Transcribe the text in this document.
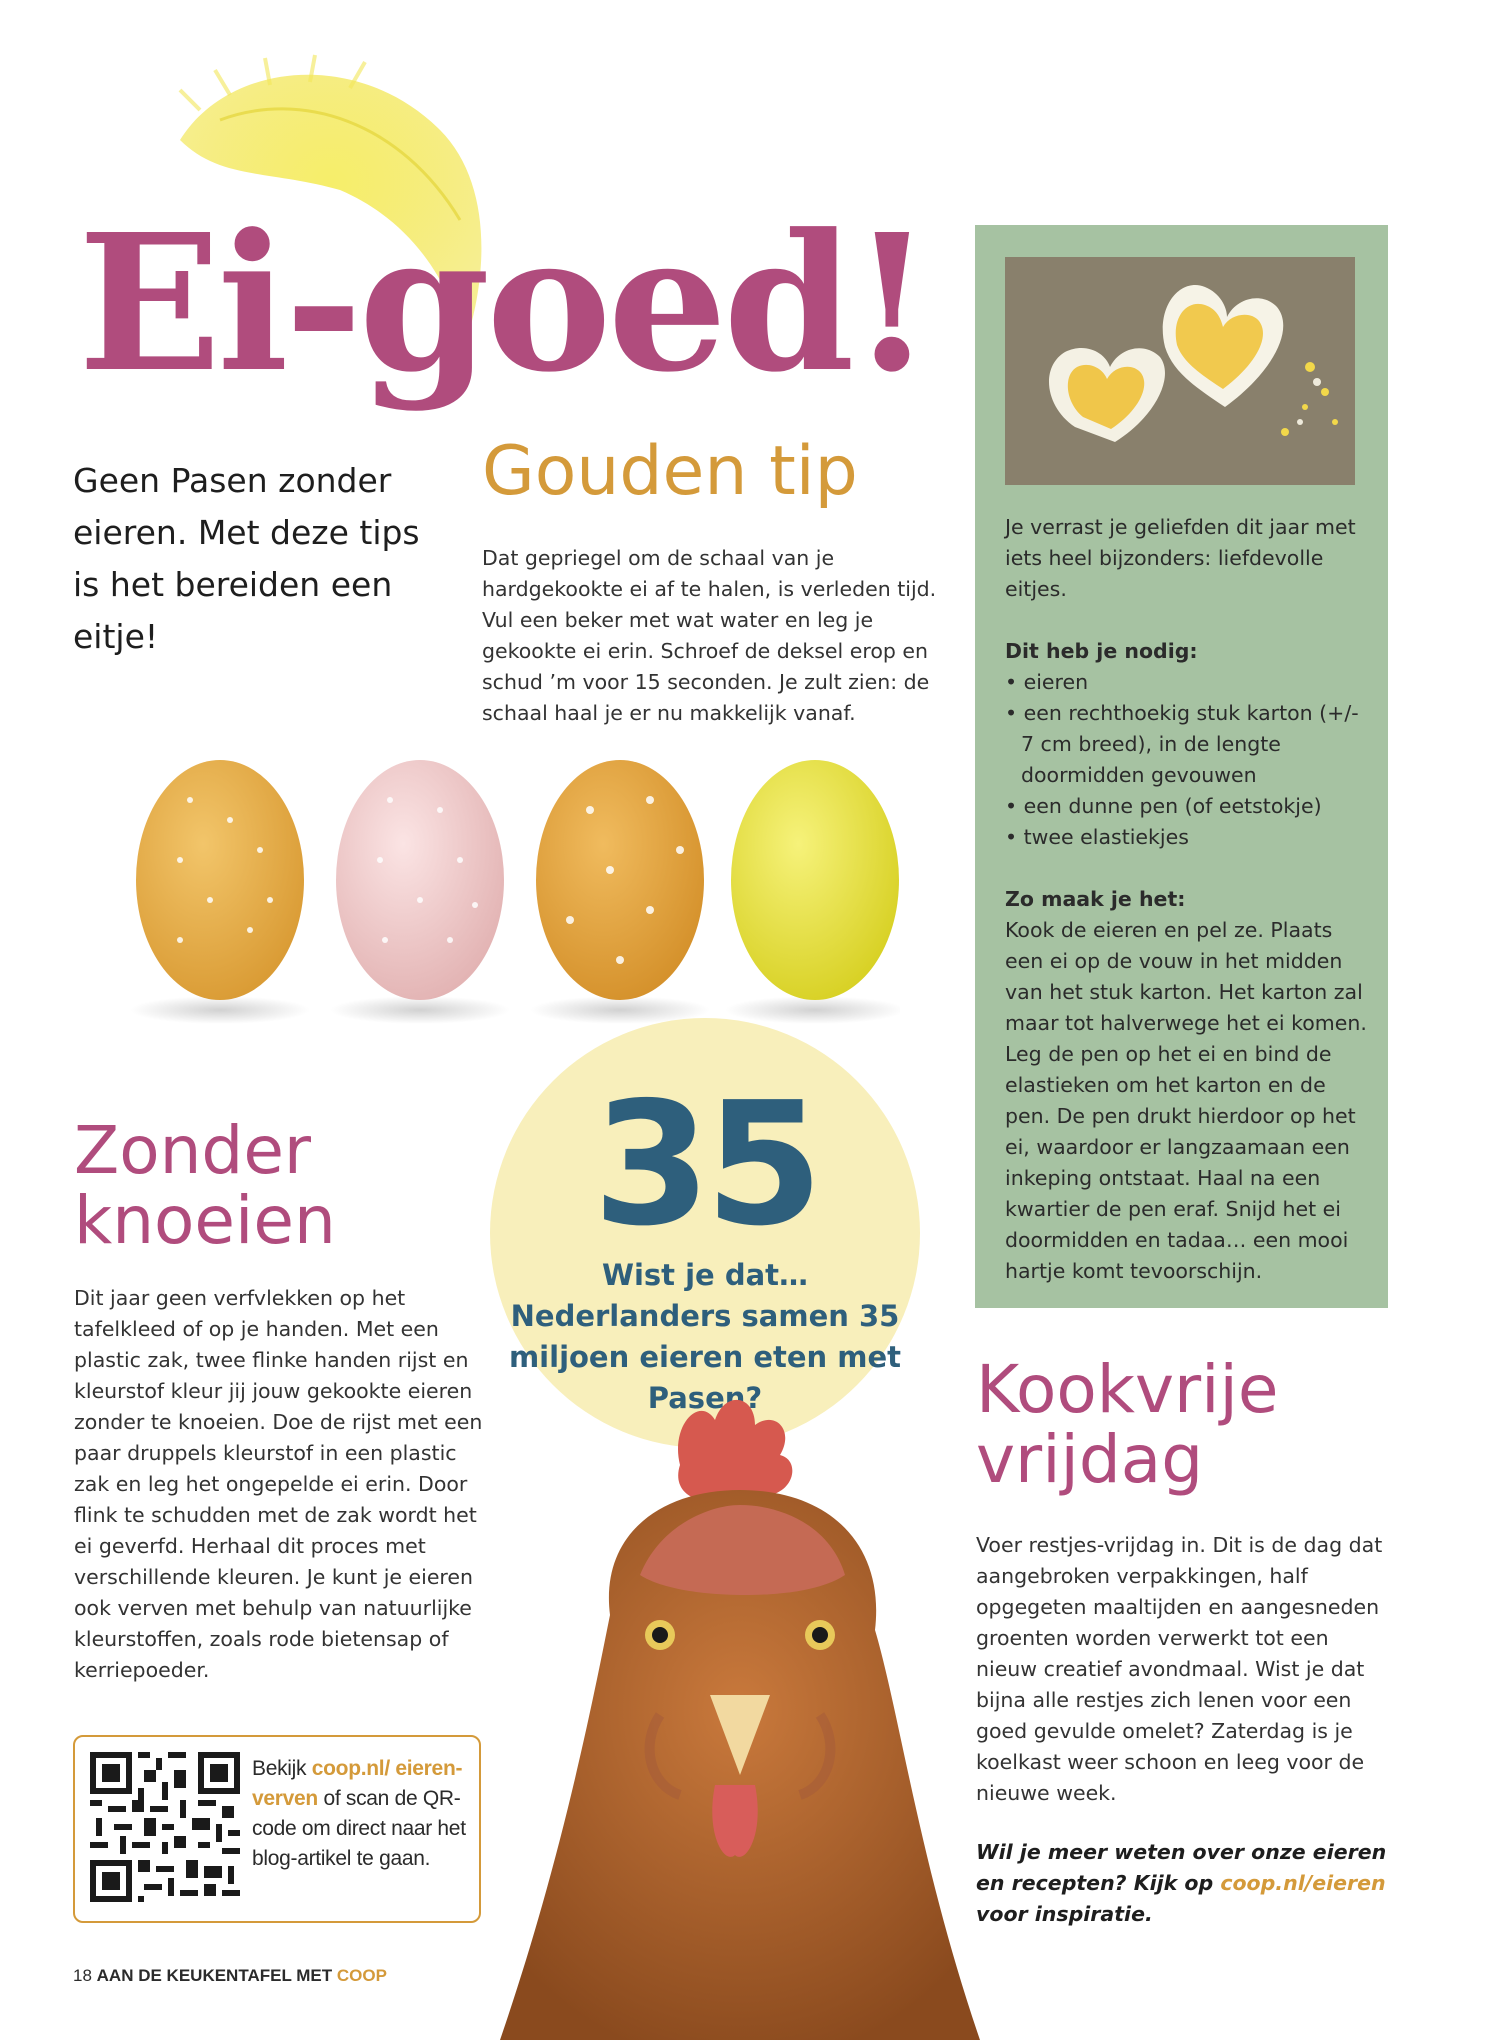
Ei-goed!
Geen Pasen zonder eieren. Met deze tips is het bereiden een eitje!
Gouden tip
Dat gepriegel om de schaal van je hardgekookte ei af te halen, is verleden tijd. Vul een beker met wat water en leg je gekookte ei erin. Schroef de deksel erop en schud ’m voor 15 seconden. Je zult zien: de schaal haal je er nu makkelijk vanaf.
Je verrast je geliefden dit jaar met iets heel bijzonders: liefdevolle eitjes.
Dit heb je nodig:
• eieren
• een rechthoekig stuk karton (+/- 7 cm breed), in de lengte doormidden gevouwen
• een dunne pen (of eetstokje)
• twee elastiekjes
Zo maak je het:
Kook de eieren en pel ze. Plaats een ei op de vouw in het midden van het stuk karton. Het karton zal maar tot halverwege het ei komen. Leg de pen op het ei en bind de elastieken om het karton en de pen. De pen drukt hierdoor op het ei, waardoor er langzaamaan een inkeping ontstaat. Haal na een kwartier de pen eraf. Snijd het ei doormidden en tadaa… een mooi hartje komt tevoorschijn.
35
Wist je dat… Nederlanders samen 35 miljoen eieren eten met Pasen?
Zonder knoeien
Dit jaar geen verfvlekken op het tafelkleed of op je handen. Met een plastic zak, twee flinke handen rijst en kleurstof kleur jij jouw gekookte eieren zonder te knoeien. Doe de rijst met een paar druppels kleurstof in een plastic zak en leg het ongepelde ei erin. Door flink te schudden met de zak wordt het ei geverfd. Herhaal dit proces met verschillende kleuren. Je kunt je eieren ook verven met behulp van natuurlijke kleurstoffen, zoals rode bietensap of kerriepoeder.
Bekijk coop.nl/ eieren-verven of scan de QR-code om direct naar het blog-artikel te gaan.
18 AAN DE KEUKENTAFEL MET COOP
Kookvrije vrijdag
Voer restjes-vrijdag in. Dit is de dag dat aangebroken verpakkingen, half opgegeten maaltijden en aangesneden groenten worden verwerkt tot een nieuw creatief avondmaal. Wist je dat bijna alle restjes zich lenen voor een goed gevulde omelet? Zaterdag is je koelkast weer schoon en leeg voor de nieuwe week.
Wil je meer weten over onze eieren en recepten? Kijk op coop.nl/eieren voor inspiratie.
